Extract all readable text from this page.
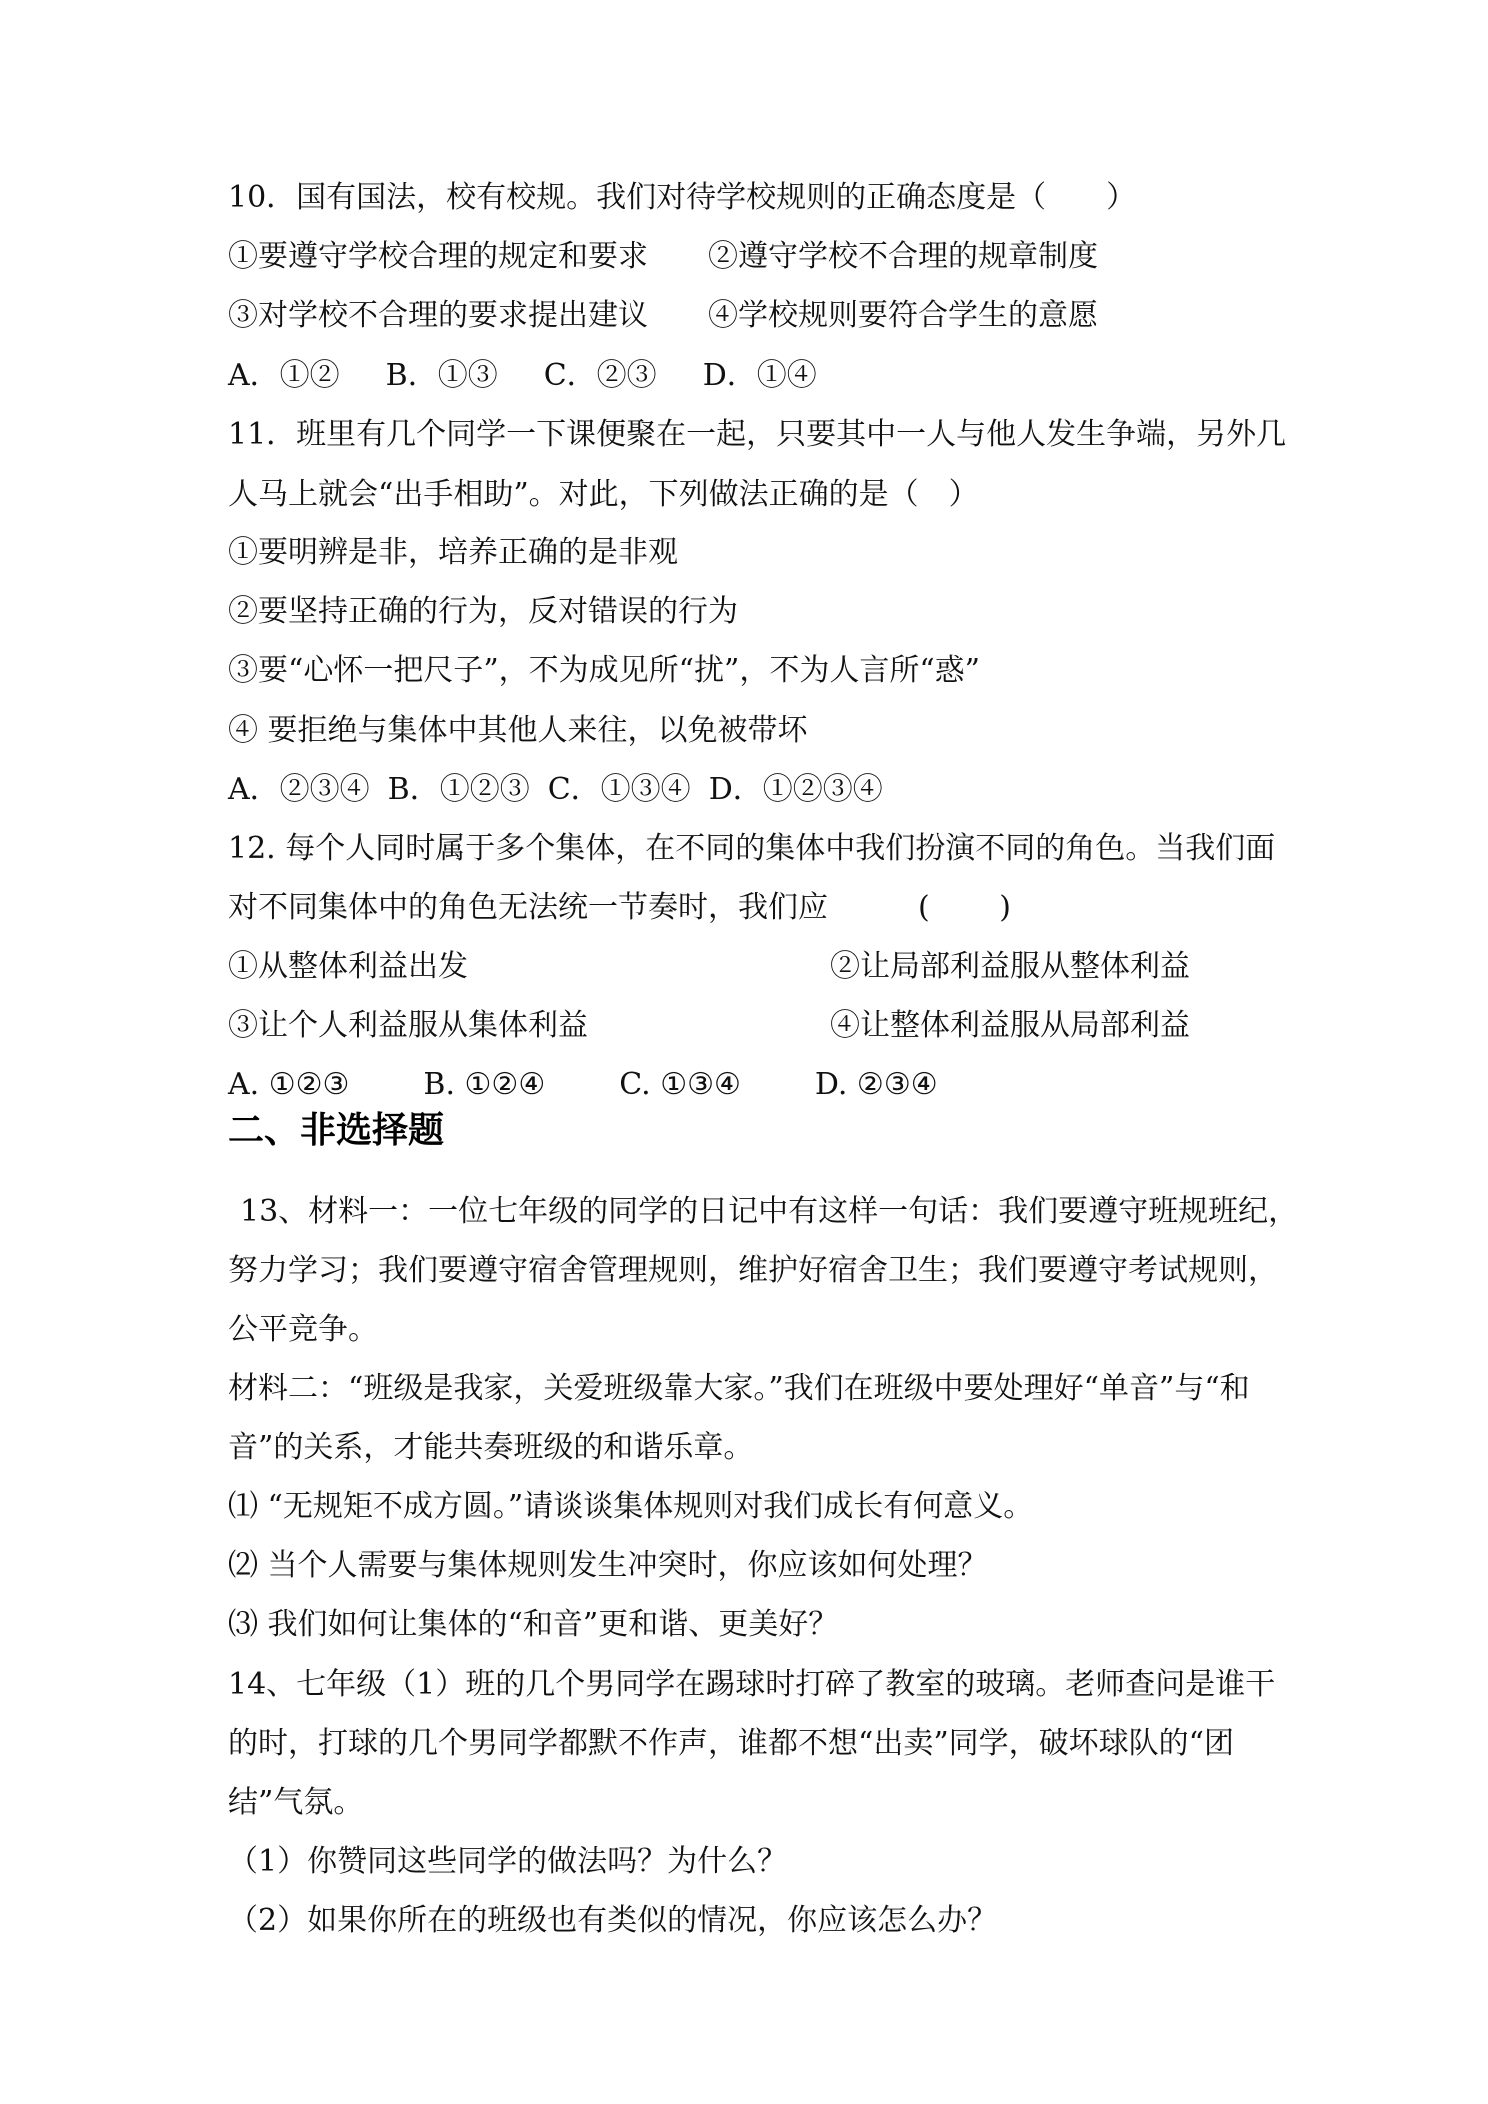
10．国有国法，校有校规。我们对待学校规则的正确态度是（　　）
①要遵守学校合理的规定和要求　　②遵守学校不合理的规章制度
③对学校不合理的要求提出建议　　④学校规则要符合学生的意愿
A．①② B．①③ C．②③ D．①④
11．班里有几个同学一下课便聚在一起，只要其中一人与他人发生争端，另外几
人马上就会“出手相助”。对此，下列做法正确的是（　）
①要明辨是非，培养正确的是非观
②要坚持正确的行为，反对错误的行为
③要“心怀一把尺子”，不为成见所“扰”，不为人言所“惑”
④ 要拒绝与集体中其他人来往，以免被带坏
A．②③④ B．①②③ C．①③④ D．①②③④
12. 每个人同时属于多个集体，在不同的集体中我们扮演不同的角色。当我们面
对不同集体中的角色无法统一节奏时，我们应　　　( 　　)
①从整体利益出发	②让局部利益服从整体利益
③让个人利益服从集体利益	④让整体利益服从局部利益
A. ①②③ B. ①②④ C. ①③④ D. ②③④
二、非选择题
13、材料一：一位七年级的同学的日记中有这样一句话：我们要遵守班规班纪，
努力学习；我们要遵守宿舍管理规则，维护好宿舍卫生；我们要遵守考试规则，
公平竞争。
材料二：“班级是我家，关爱班级靠大家。”我们在班级中要处理好“单音”与“和
音”的关系，才能共奏班级的和谐乐章。
⑴ “无规矩不成方圆。”请谈谈集体规则对我们成长有何意义。
⑵ 当个人需要与集体规则发生冲突时，你应该如何处理？
⑶ 我们如何让集体的“和音”更和谐、更美好？
14、七年级（1）班的几个男同学在踢球时打碎了教室的玻璃。老师查问是谁干
的时，打球的几个男同学都默不作声，谁都不想“出卖”同学，破坏球队的“团
结”气氛。
（1）你赞同这些同学的做法吗？为什么？
（2）如果你所在的班级也有类似的情况，你应该怎么办？
